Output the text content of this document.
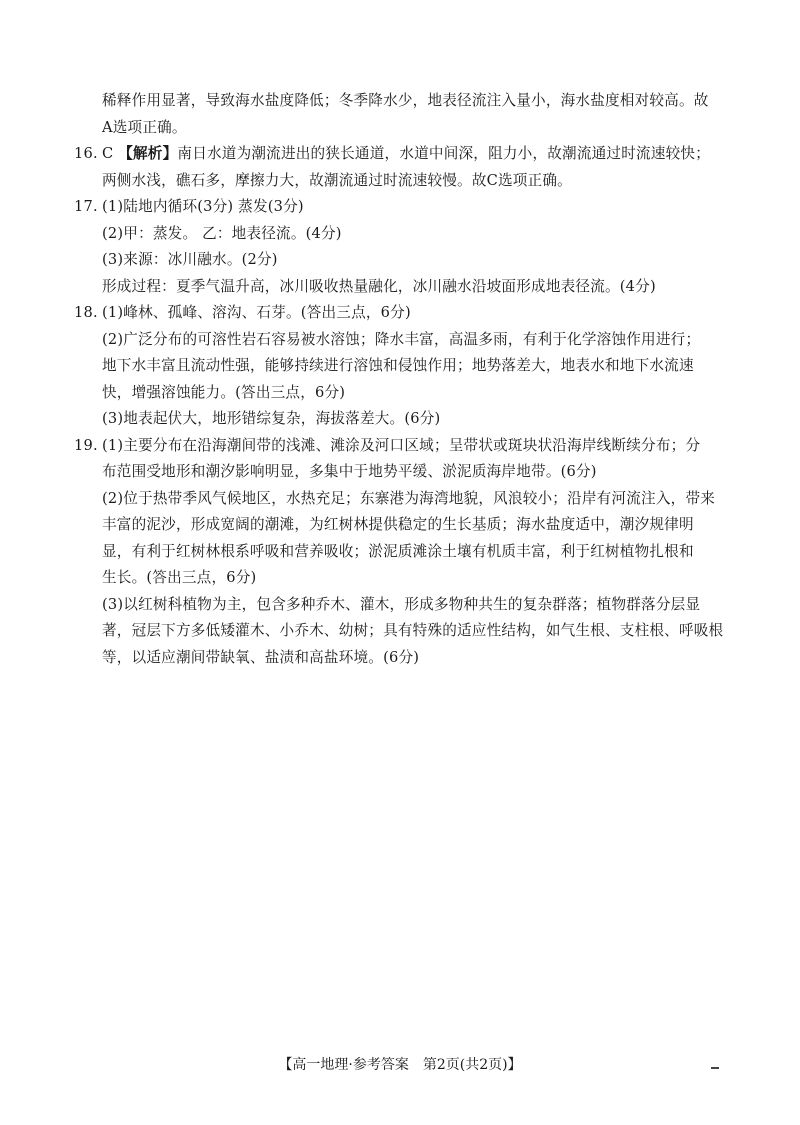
稀释作用显著，导致海水盐度降低；冬季降水少，地表径流注入量小，海水盐度相对较高。故
A选项正确。
16. C 【解析】南日水道为潮流进出的狭长通道，水道中间深，阻力小，故潮流通过时流速较快；
两侧水浅，礁石多，摩擦力大，故潮流通过时流速较慢。故C选项正确。
17. (1)陆地内循环(3分) 蒸发(3分)
(2)甲：蒸发。 乙：地表径流。(4分)
(3)来源：冰川融水。(2分)
形成过程：夏季气温升高，冰川吸收热量融化，冰川融水沿坡面形成地表径流。(4分)
18. (1)峰林、孤峰、溶沟、石芽。(答出三点，6分)
(2)广泛分布的可溶性岩石容易被水溶蚀；降水丰富，高温多雨，有利于化学溶蚀作用进行；
地下水丰富且流动性强，能够持续进行溶蚀和侵蚀作用；地势落差大，地表水和地下水流速
快，增强溶蚀能力。(答出三点，6分)
(3)地表起伏大，地形错综复杂，海拔落差大。(6分)
19. (1)主要分布在沿海潮间带的浅滩、滩涂及河口区域；呈带状或斑块状沿海岸线断续分布；分
布范围受地形和潮汐影响明显，多集中于地势平缓、淤泥质海岸地带。(6分)
(2)位于热带季风气候地区，水热充足；东寨港为海湾地貌，风浪较小；沿岸有河流注入，带来
丰富的泥沙，形成宽阔的潮滩，为红树林提供稳定的生长基质；海水盐度适中，潮汐规律明
显，有利于红树林根系呼吸和营养吸收；淤泥质滩涂土壤有机质丰富，利于红树植物扎根和
生长。(答出三点，6分)
(3)以红树科植物为主，包含多种乔木、灌木，形成多物种共生的复杂群落；植物群落分层显
著，冠层下方多低矮灌木、小乔木、幼树；具有特殊的适应性结构，如气生根、支柱根、呼吸根
等，以适应潮间带缺氧、盐渍和高盐环境。(6分)
【高一地理·参考答案　第2页(共2页)】
